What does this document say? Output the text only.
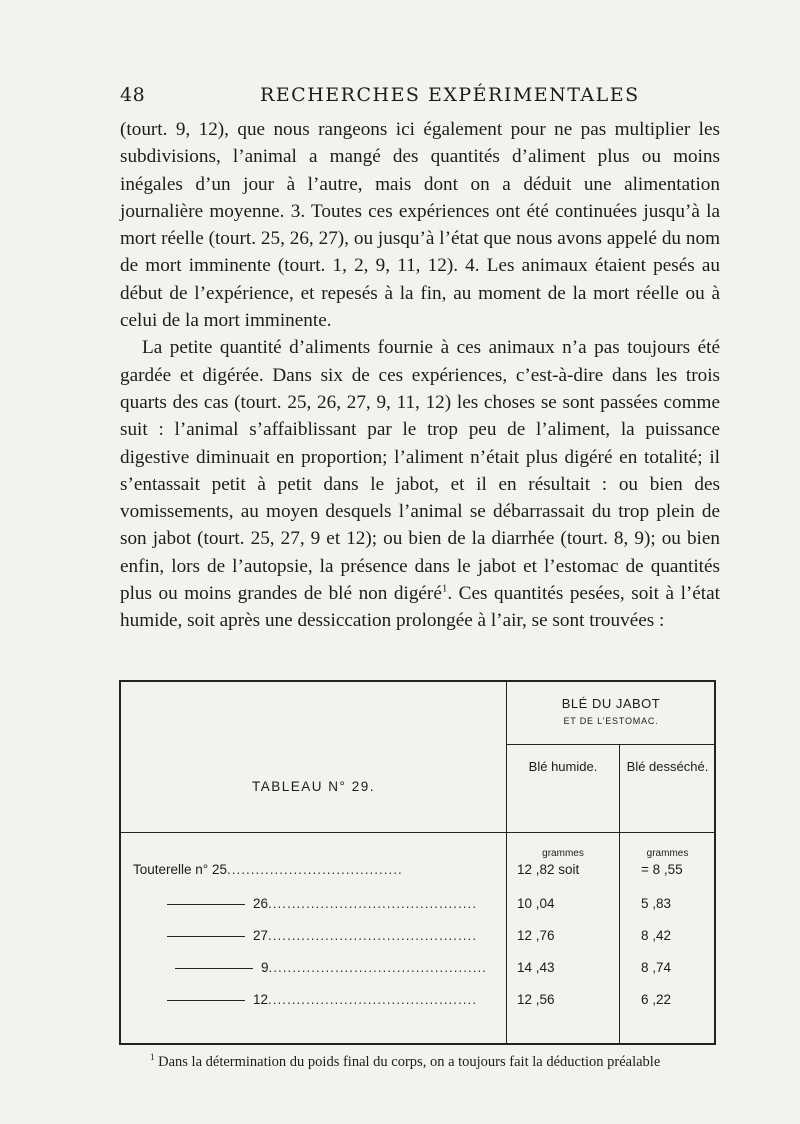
48	RECHERCHES EXPÉRIMENTALES

(tourt. 9, 12), que nous rangeons ici également pour ne pas multiplier les subdivisions, l’animal a mangé des quantités d’aliment plus ou moins inégales d’un jour à l’autre, mais dont on a déduit une alimentation journalière moyenne. 3. Toutes ces expériences ont été continuées jusqu’à la mort réelle (tourt. 25, 26, 27), ou jusqu’à l’état que nous avons appelé du nom de mort imminente (tourt. 1, 2, 9, 11, 12). 4. Les animaux étaient pesés au début de l’expérience, et repesés à la fin, au moment de la mort réelle ou à celui de la mort imminente.

La petite quantité d’aliments fournie à ces animaux n’a pas toujours été gardée et digérée. Dans six de ces expériences, c’est-à-dire dans les trois quarts des cas (tourt. 25, 26, 27, 9, 11, 12) les choses se sont passées comme suit : l’animal s’affaiblissant par le trop peu de l’aliment, la puissance digestive diminuait en proportion; l’aliment n’était plus digéré en totalité; il s’entassait petit à petit dans le jabot, et il en résultait : ou bien des vomissements, au moyen desquels l’animal se débarrassait du trop plein de son jabot (tourt. 25, 27, 9 et 12); ou bien de la diarrhée (tourt. 8, 9); ou bien enfin, lors de l’autopsie, la présence dans le jabot et l’estomac de quantités plus ou moins grandes de blé non digéré$^1$. Ces quantités pesées, soit à l’état humide, soit après une dessiccation prolongée à l’air, se sont trouvées :

BLÉ DU JABOT
ET DE L’ESTOMAC.
Blé humide.	Blé desséché.
TABLEAU N° 29.
grammes	grammes
Touterelle n° 25.....................................	12 ,82 soit	= 8 ,55
26............................................	10 ,04	5 ,83
27............................................	12 ,76	8 ,42
9..............................................	14 ,43	8 ,74
12............................................	12 ,56	6 ,22
$^1$ Dans la détermination du poids final du corps, on a toujours fait la déduction préalable
